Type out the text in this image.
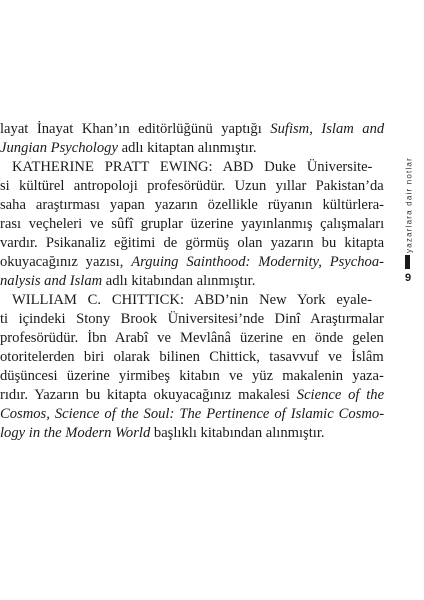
layat İnayat Khan’ın editörlüğünü yaptığı Sufism, Islam and
Jungian Psychology adlı kitaptan alınmıştır.
KATHERINE PRATT EWING: ABD Duke Üniversite-
si kültürel antropoloji profesörüdür. Uzun yıllar Pakistan’da
saha araştırması yapan yazarın özellikle rüyanın kültürlera-
rası veçheleri ve sûfî gruplar üzerine yayınlanmış çalışmaları
vardır. Psikanaliz eğitimi de görmüş olan yazarın bu kitapta
okuyacağınız yazısı, Arguing Sainthood: Modernity, Psychoa-
nalysis and Islam adlı kitabından alınmıştır.
WILLIAM C. CHITTICK: ABD’nin New York eyale-
ti içindeki Stony Brook Üniversitesi’nde Dinî Araştırmalar
profesörüdür. İbn Arabî ve Mevlânâ üzerine en önde gelen
otoritelerden biri olarak bilinen Chittick, tasavvuf ve İslâm
düşüncesi üzerine yirmibeş kitabın ve yüz makalenin yaza-
rıdır. Yazarın bu kitapta okuyacağınız makalesi Science of the
Cosmos, Science of the Soul: The Pertinence of Islamic Cosmo-
logy in the Modern World başlıklı kitabından alınmıştır.
yazarlara dair notlar
9
